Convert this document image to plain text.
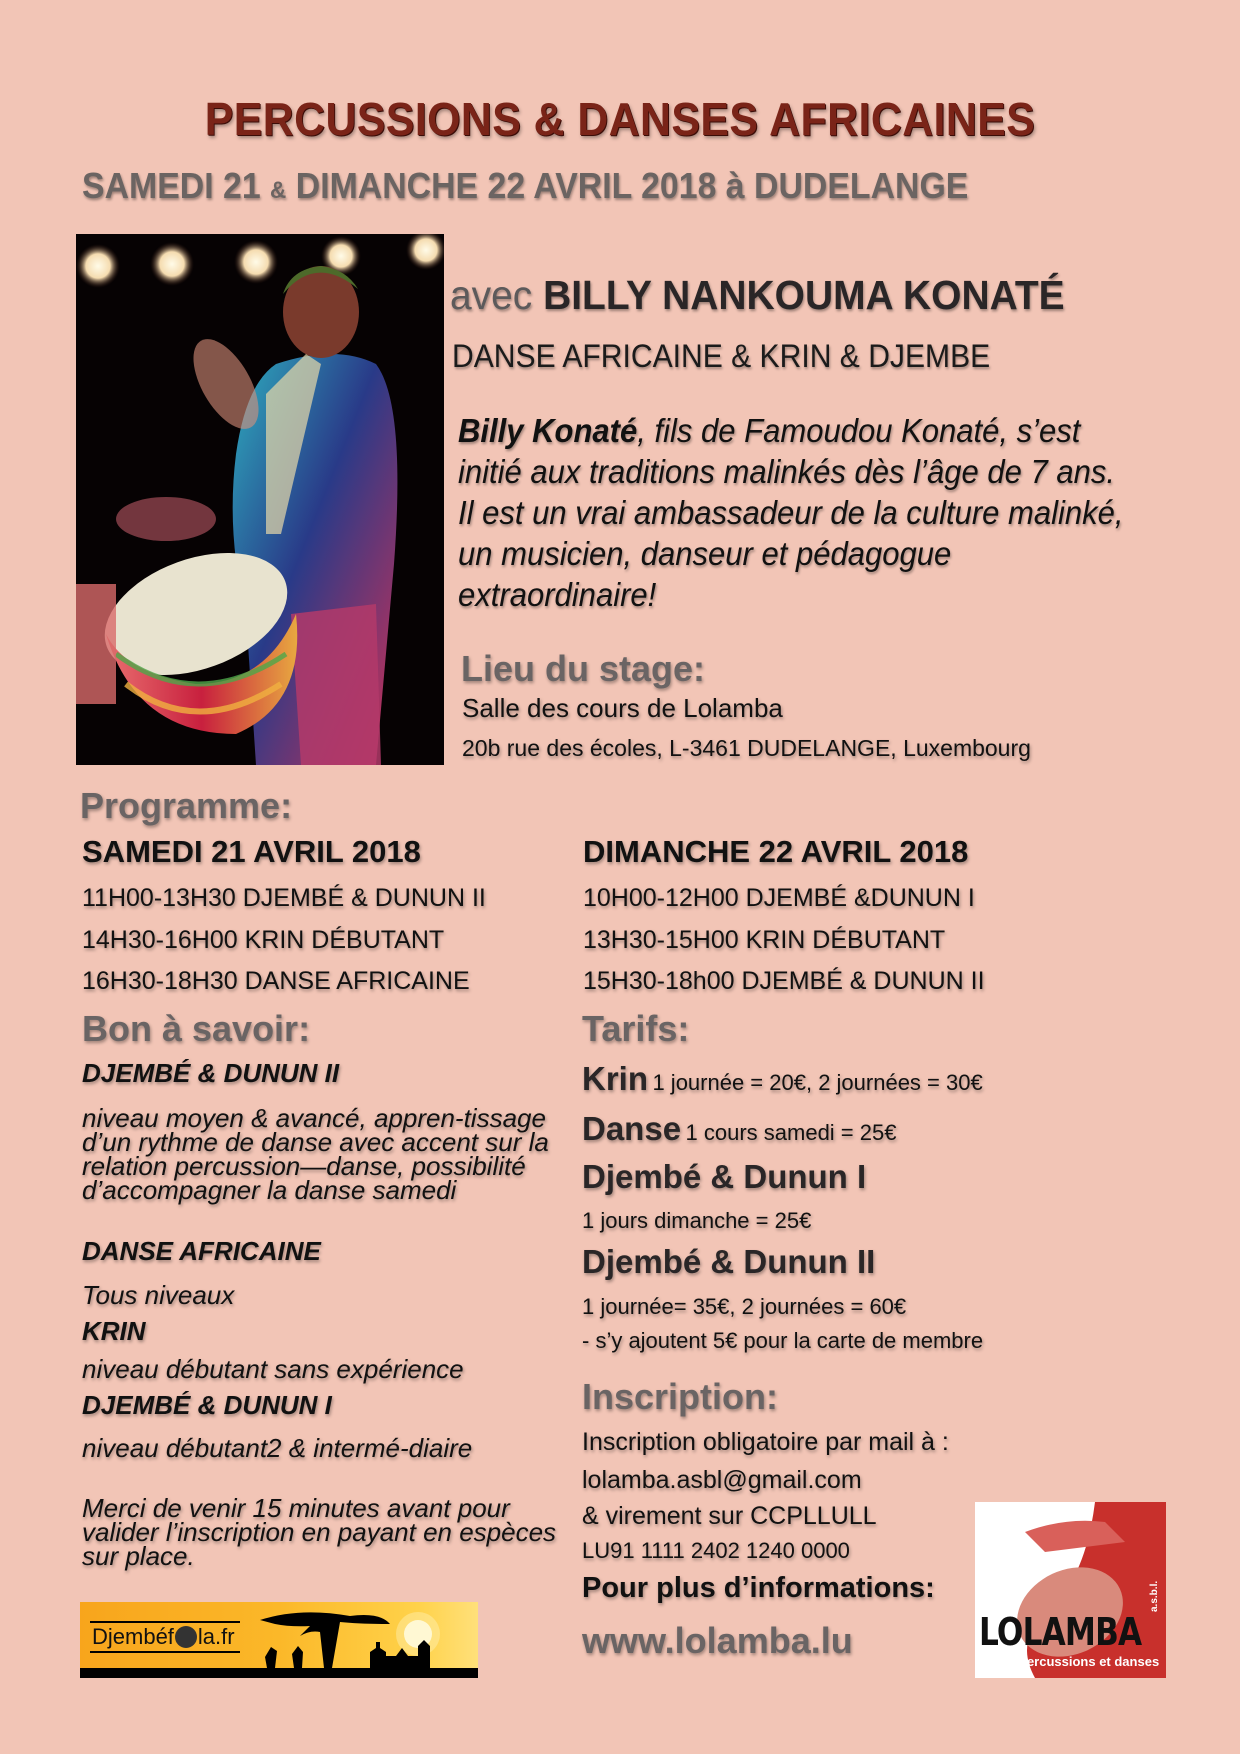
PERCUSSIONS & DANSES AFRICAINES
SAMEDI 21 & DIMANCHE 22 AVRIL 2018 à DUDELANGE
avec BILLY NANKOUMA KONATÉ
DANSE AFRICAINE & KRIN & DJEMBE
Billy Konaté, fils de Famoudou Konaté, s’est initié aux traditions malinkés dès l’âge de 7 ans. Il est un vrai ambassadeur de la culture malinké, un musicien, danseur et pédagogue extraordinaire!
Lieu du stage:
Salle des cours de Lolamba
20b rue des écoles, L-3461 DUDELANGE, Luxembourg
Programme:
SAMEDI 21 AVRIL 2018
11H00-13H30 DJEMBÉ & DUNUN II
14H30-16H00 KRIN DÉBUTANT
16H30-18H30 DANSE AFRICAINE
DIMANCHE 22 AVRIL 2018
10H00-12H00 DJEMBÉ &DUNUN I
13H30-15H00 KRIN DÉBUTANT
15H30-18h00 DJEMBÉ & DUNUN II
Bon à savoir:
DJEMBÉ & DUNUN II
niveau moyen & avancé, appren-tissage d’un rythme de danse avec accent sur la relation percussion—danse, possibilité d’accompagner la danse samedi
DANSE AFRICAINE
Tous niveaux
KRIN
niveau débutant sans expérience
DJEMBÉ & DUNUN I
niveau débutant2 & intermé-diaire
Merci de venir 15 minutes avant pour valider l’inscription en payant en espèces sur place.
Tarifs:
Krin 1 journée = 20€, 2 journées = 30€
Danse 1 cours samedi = 25€
Djembé & Dunun I
1 jours dimanche = 25€
Djembé & Dunun II
1 journée= 35€, 2 journées = 60€
- s’y ajoutent 5€ pour la carte de membre
Inscription:
Inscription obligatoire par mail à :
lolamba.asbl@gmail.com
& virement sur CCPLLULL
LU91 1111 2402 1240 0000
Pour plus d’informations:
www.lolamba.lu
Djembéf la.fr	LOLAMBA
a.s.b.l.
percussions et danses
